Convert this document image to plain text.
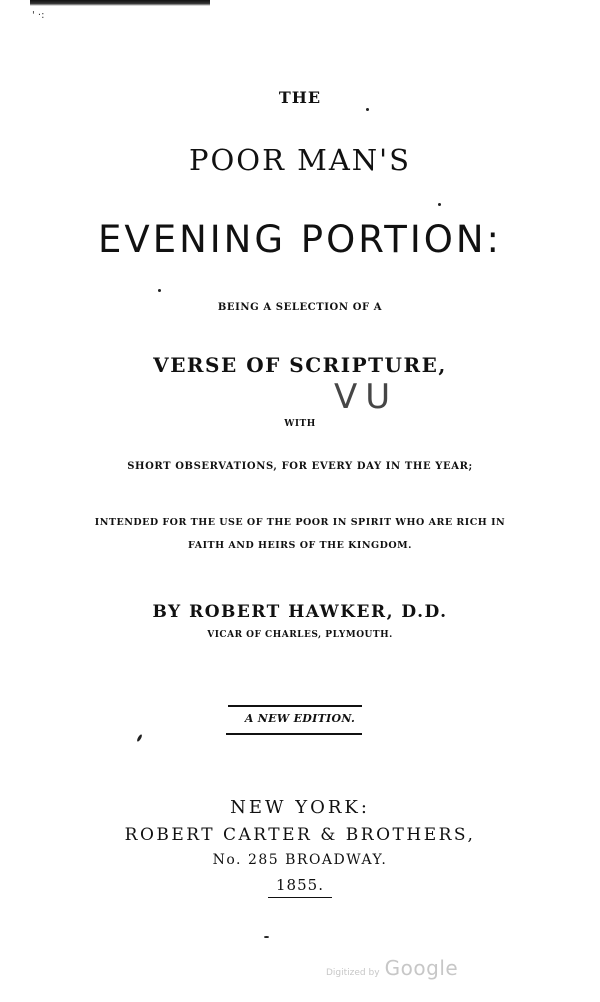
' ·:

THE

POOR MAN'S

EVENING PORTION:

BEING A SELECTION OF A

VERSE OF SCRIPTURE,

VU

WITH

SHORT OBSERVATIONS, FOR EVERY DAY IN THE YEAR;

INTENDED FOR THE USE OF THE POOR IN SPIRIT WHO ARE RICH IN

FAITH AND HEIRS OF THE KINGDOM.

BY ROBERT HAWKER, D.D.

VICAR OF CHARLES, PLYMOUTH.

A NEW EDITION.

NEW YORK:

ROBERT CARTER & BROTHERS,

No. 285 BROADWAY.

1855.

Digitized by Google
